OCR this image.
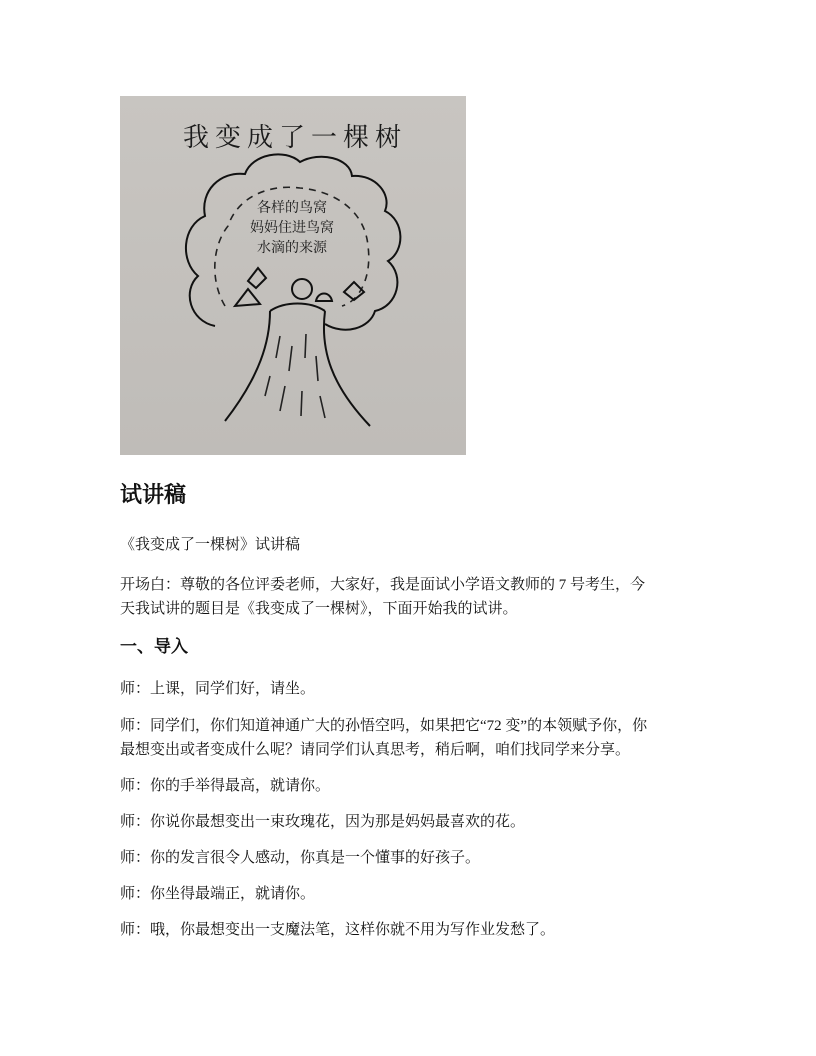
我变成了一棵树
各样的鸟窝
妈妈住进鸟窝
水滴的来源
试讲稿

《我变成了一棵树》试讲稿

开场白：尊敬的各位评委老师，大家好，我是面试小学语文教师的 7 号考生，今

天我试讲的题目是《我变成了一棵树》，下面开始我的试讲。

一、导入

师：上课，同学们好，请坐。

师：同学们，你们知道神通广大的孙悟空吗，如果把它“72 变”的本领赋予你，你

最想变出或者变成什么呢？请同学们认真思考，稍后啊，咱们找同学来分享。

师：你的手举得最高，就请你。

师：你说你最想变出一束玫瑰花，因为那是妈妈最喜欢的花。

师：你的发言很令人感动，你真是一个懂事的好孩子。

师：你坐得最端正，就请你。

师：哦，你最想变出一支魔法笔，这样你就不用为写作业发愁了。
